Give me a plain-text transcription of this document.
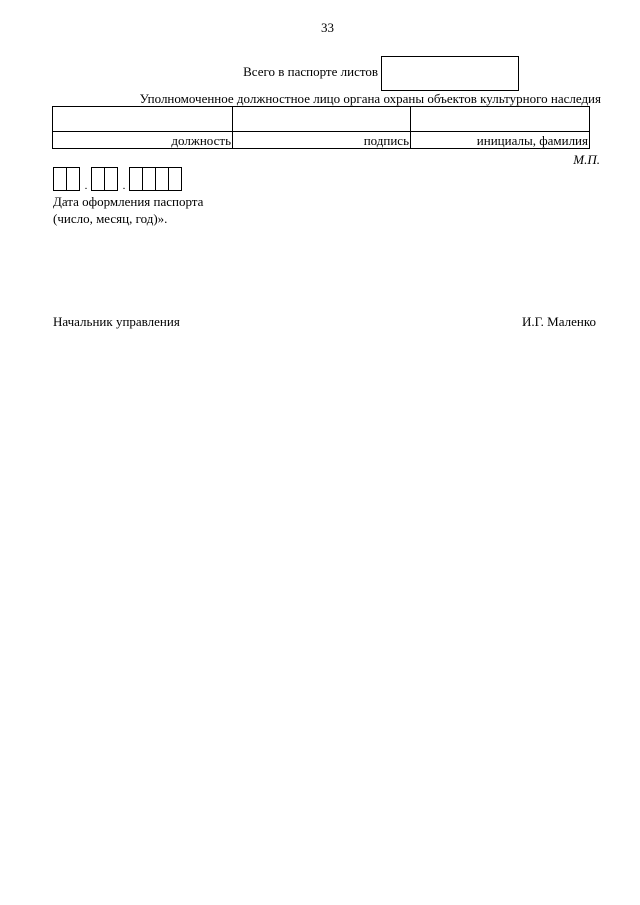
33
Всего в паспорте листов
Уполномоченное должностное лицо органа охраны объектов культурного наследия

должность	подпись	инициалы, фамилия
М.П.
.	.
Дата оформления паспорта
(число, месяц, год)».
Начальник управления	И.Г. Маленко
